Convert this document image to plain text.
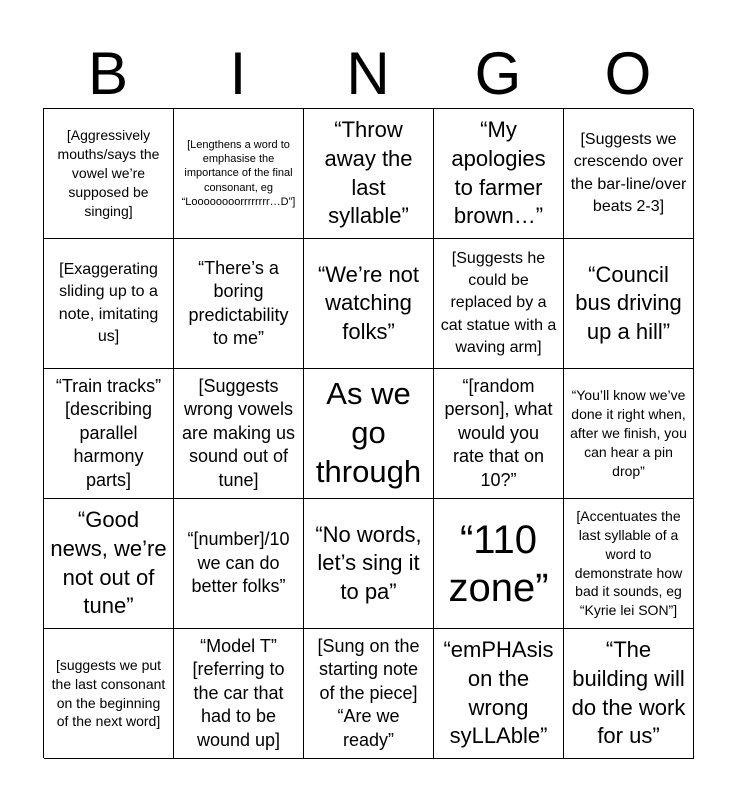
B	I	N	G	O
[Aggressively mouths/says the vowel we’re supposed be singing]
[Lengthens a word to emphasise the importance of the final consonant, eg “Loooooooorrrrrrrr…D”]
“Throw away the last syllable”
“My apologies to farmer brown…”
[Suggests we crescendo over the bar-line/over beats 2-3]
[Exaggerating sliding up to a note, imitating us]
“There’s a boring predictability to me”
“We’re not watching folks”
[Suggests he could be replaced by a cat statue with a waving arm]
“Council bus driving up a hill”
“Train tracks” [describing parallel harmony parts]
[Suggests wrong vowels are making us sound out of tune]
As we go through
“[random person], what would you rate that on 10?”
“You’ll know we’ve done it right when, after we finish, you can hear a pin drop”
“Good news, we’re not out of tune”
“[number]/10 we can do better folks”
“No words, let’s sing it to pa”
“110 zone”
[Accentuates the last syllable of a word to demonstrate how bad it sounds, eg “Kyrie lei SON”]
[suggests we put the last consonant on the beginning of the next word]
“Model T” [referring to the car that had to be wound up]
[Sung on the starting note of the piece] “Are we ready”
“emPHAsis on the wrong syLLAble”
“The building will do the work for us”
